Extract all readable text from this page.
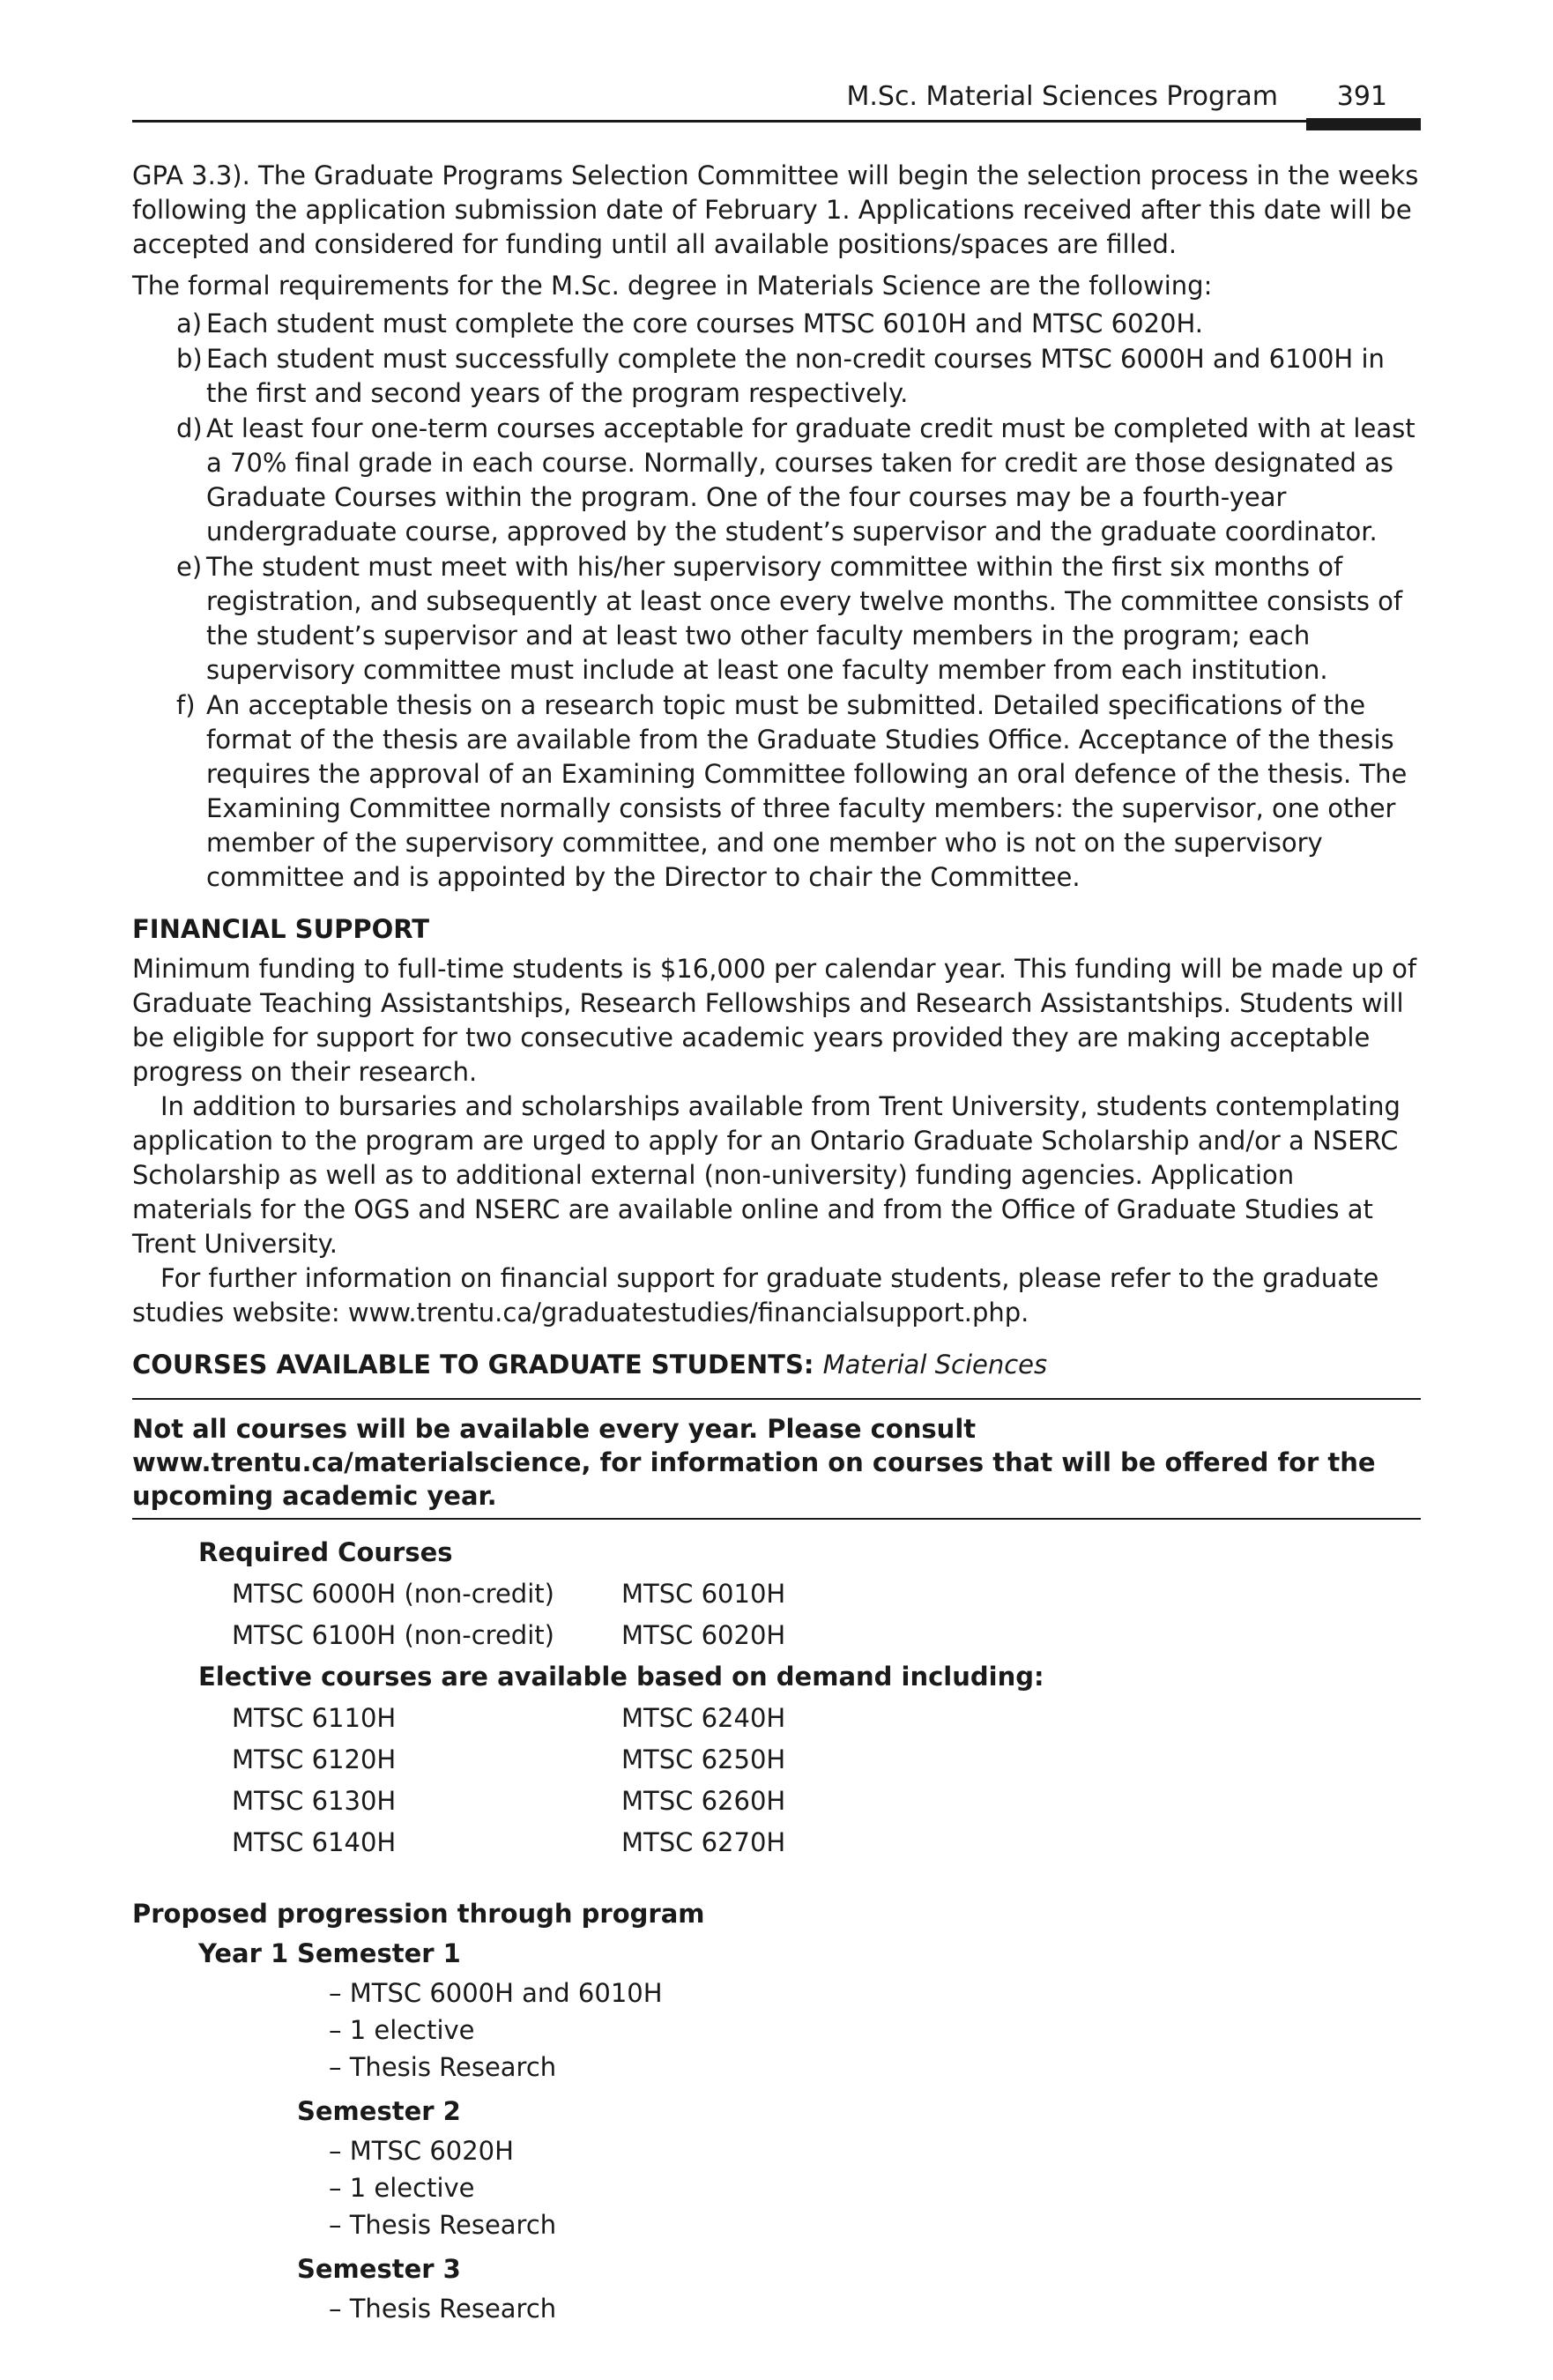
M.Sc. Material Sciences Program 391

GPA 3.3). The Graduate Programs Selection Committee will begin the selection process in the weeks following the application submission date of February 1. Applications received after this date will be accepted and considered for funding until all available positions/spaces are filled.

The formal requirements for the M.Sc. degree in Materials Science are the following:

a) Each student must complete the core courses MTSC 6010H and MTSC 6020H.
b) Each student must successfully complete the non-credit courses MTSC 6000H and 6100H in the first and second years of the program respectively.
d) At least four one-term courses acceptable for graduate credit must be completed with at least a 70% final grade in each course. Normally, courses taken for credit are those designated as Graduate Courses within the program. One of the four courses may be a fourth-year undergraduate course, approved by the student’s supervisor and the graduate coordinator.
e) The student must meet with his/her supervisory committee within the first six months of registration, and subsequently at least once every twelve months. The committee consists of the student’s supervisor and at least two other faculty members in the program; each supervisory committee must include at least one faculty member from each institution.
f) An acceptable thesis on a research topic must be submitted. Detailed specifications of the format of the thesis are available from the Graduate Studies Office. Acceptance of the thesis requires the approval of an Examining Committee following an oral defence of the thesis. The Examining Committee normally consists of three faculty members: the supervisor, one other member of the supervisory committee, and one member who is not on the supervisory committee and is appointed by the Director to chair the Committee.
FINANCIAL SUPPORT

Minimum funding to full-time students is $16,000 per calendar year. This funding will be made up of Graduate Teaching Assistantships, Research Fellowships and Research Assistantships. Students will be eligible for support for two consecutive academic years provided they are making acceptable progress on their research.

In addition to bursaries and scholarships available from Trent University, students contemplating application to the program are urged to apply for an Ontario Graduate Scholarship and/or a NSERC Scholarship as well as to additional external (non-university) funding agencies. Application materials for the OGS and NSERC are available online and from the Office of Graduate Studies at Trent University.

For further information on financial support for graduate students, please refer to the graduate studies website: www.trentu.ca/graduatestudies/financialsupport.php.

COURSES AVAILABLE TO GRADUATE STUDENTS: Material Sciences
Not all courses will be available every year. Please consult www.trentu.ca/materialscience, for information on courses that will be offered for the upcoming academic year.
Required Courses
MTSC 6000H (non-credit)	MTSC 6010H
MTSC 6100H (non-credit)	MTSC 6020H
Elective courses are available based on demand including:
MTSC 6110H	MTSC 6240H
MTSC 6120H	MTSC 6250H
MTSC 6130H	MTSC 6260H
MTSC 6140H	MTSC 6270H
Proposed progression through program
Year 1 Semester 1
– MTSC 6000H and 6010H
– 1 elective
– Thesis Research
Semester 2
– MTSC 6020H
– 1 elective
– Thesis Research
Semester 3
– Thesis Research
